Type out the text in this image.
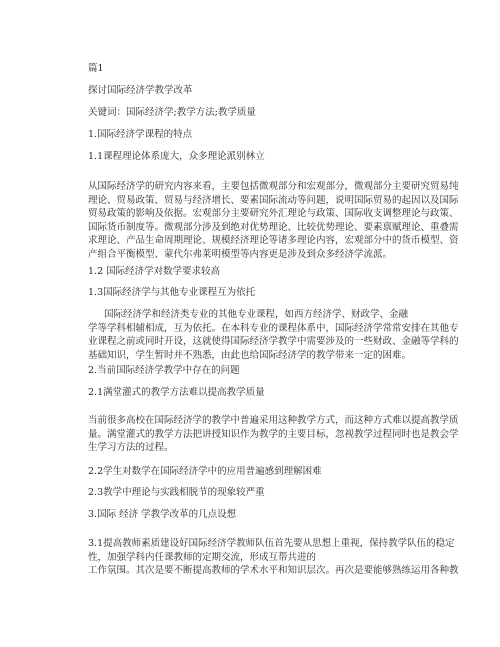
篇1
探讨国际经济学教学改革
关键词：国际经济学;教学方法;教学质量
1.国际经济学课程的特点
1.1课程理论体系庞大，众多理论派别林立
从国际经济学的研究内容来看，主要包括微观部分和宏观部分，微观部分主要研究贸易纯
理论、贸易政策、贸易与经济增长、要素国际流动等问题，说明国际贸易的起因以及国际
贸易政策的影响及依据。宏观部分主要研究外汇理论与政策、国际收支调整理论与政策、
国际货币制度等。微观部分涉及到绝对优势理论、比较优势理论、要素禀赋理论、重叠需
求理论、产品生命周期理论、规模经济理论等诸多理论内容，宏观部分中的货币模型、资
产组合平衡模型、蒙代尔弗莱明模型等内容更是涉及到众多经济学流派。
1.2 国际经济学对数学要求较高
1.3国际经济学与其他专业课程互为依托
国际经济学和经济类专业的其他专业课程，如西方经济学、财政学、金融
学等学科相辅相成，互为依托。在本科专业的课程体系中，国际经济学常常安排在其他专
业课程之前或同时开设，这就使得国际经济学教学中需要涉及的一些财政、金融等学科的
基础知识，学生暂时并不熟悉，由此也给国际经济学的教学带来一定的困难。
2.当前国际经济学教学中存在的问题
2.1满堂灌式的教学方法难以提高教学质量
当前很多高校在国际经济学的教学中普遍采用这种教学方式，而这种方式难以提高教学质
量。满堂灌式的教学方法把讲授知识作为教学的主要目标，忽视教学过程同时也是教会学
生学习方法的过程。
2.2学生对数学在国际经济学中的应用普遍感到理解困难
2.3教学中理论与实践相脱节的现象较严重
3.国际 经济 学教学改革的几点设想
3.1提高教师素质建设好国际经济学教师队伍首先要从思想上重视，保持教学队伍的稳定
性，加强学科内任课教师的定期交流，形成互帮共进的
工作氛围。其次是要不断提高教师的学术水平和知识层次。再次是要能够熟练运用各种教
